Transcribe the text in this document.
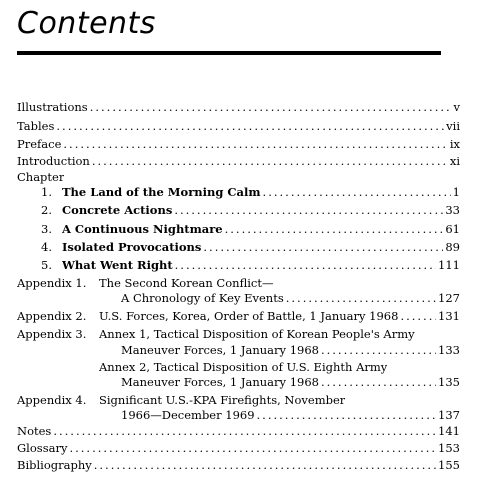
Contents
Illustrations .....	v
Tables .....	vii
Preface .....	ix
Introduction .....	xi
Chapter
1. The Land of the Morning Calm .....	1
2. Concrete Actions .....	33
3. A Continuous Nightmare .....	61
4. Isolated Provocations .....	89
5. What Went Right .....	111
Appendix 1. The Second Korean Conflict—
A Chronology of Key Events .....	127
Appendix 2. U.S. Forces, Korea, Order of Battle, 1 January 1968 .....	131
Appendix 3. Annex 1, Tactical Disposition of Korean People's Army
Maneuver Forces, 1 January 1968 .....	133
Annex 2, Tactical Disposition of U.S. Eighth Army
Maneuver Forces, 1 January 1968 .....	135
Appendix 4. Significant U.S.-KPA Firefights, November
1966—December 1969 .....	137
Notes .....	141
Glossary .....	153
Bibliography .....	155
